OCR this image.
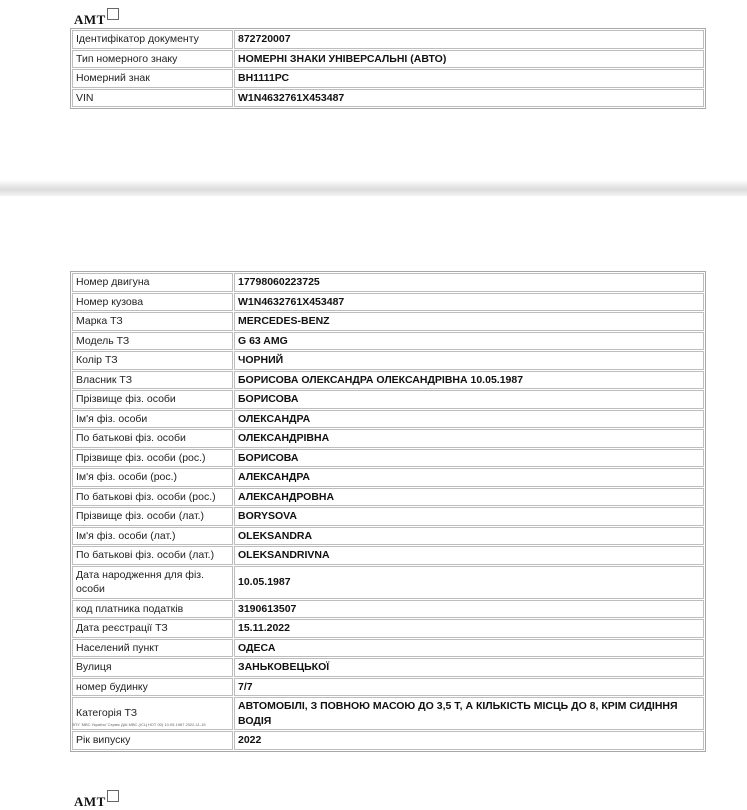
АМТ
Ідентифікатор документу	872720007
Тип номерного знаку	НОМЕРНІ ЗНАКИ УНІВЕРСАЛЬНІ (АВТО)
Номерний знак	ВН1111РС
VIN	W1N4632761X453487
Номер двигуна	17798060223725
Номер кузова	W1N4632761X453487
Марка ТЗ	MERCEDES-BENZ
Модель ТЗ	G 63 AMG
Колір ТЗ	ЧОРНИЙ
Власник ТЗ	БОРИСОВА ОЛЕКСАНДРА ОЛЕКСАНДРІВНА 10.05.1987
Прізвище фіз. особи	БОРИСОВА
Ім'я фіз. особи	ОЛЕКСАНДРА
По батькові фіз. особи	ОЛЕКСАНДРІВНА
Прізвище фіз. особи (рос.)	БОРИСОВА
Ім'я фіз. особи (рос.)	АЛЕКСАНДРА
По батькові фіз. особи (рос.)	АЛЕКСАНДРОВНА
Прізвище фіз. особи (лат.)	BORYSOVA
Ім'я фіз. особи (лат.)	OLEKSANDRA
По батькові фіз. особи (лат.)	OLEKSANDRIVNA
Дата народження для фіз. особи	10.05.1987
код платника податків	3190613507
Дата реєстрації ТЗ	15.11.2022
Населений пункт	ОДЕСА
Вулиця	ЗАНЬКОВЕЦЬКОЇ
номер будинку	7/7
Категорія ТЗ	АВТОМОБІЛІ, З ПОВНОЮ МАСОЮ ДО 3,5 Т, А КІЛЬКІСТЬ МІСЦЬ ДО 8, КРІМ СИДІННЯ ВОДІЯ
Рік випуску	2022
ЗПУ 'МВС України' Сервіс ДАІ МВС (ІСЦ НОТ 00) 10.05.1987 2022-11-15
АМТ
